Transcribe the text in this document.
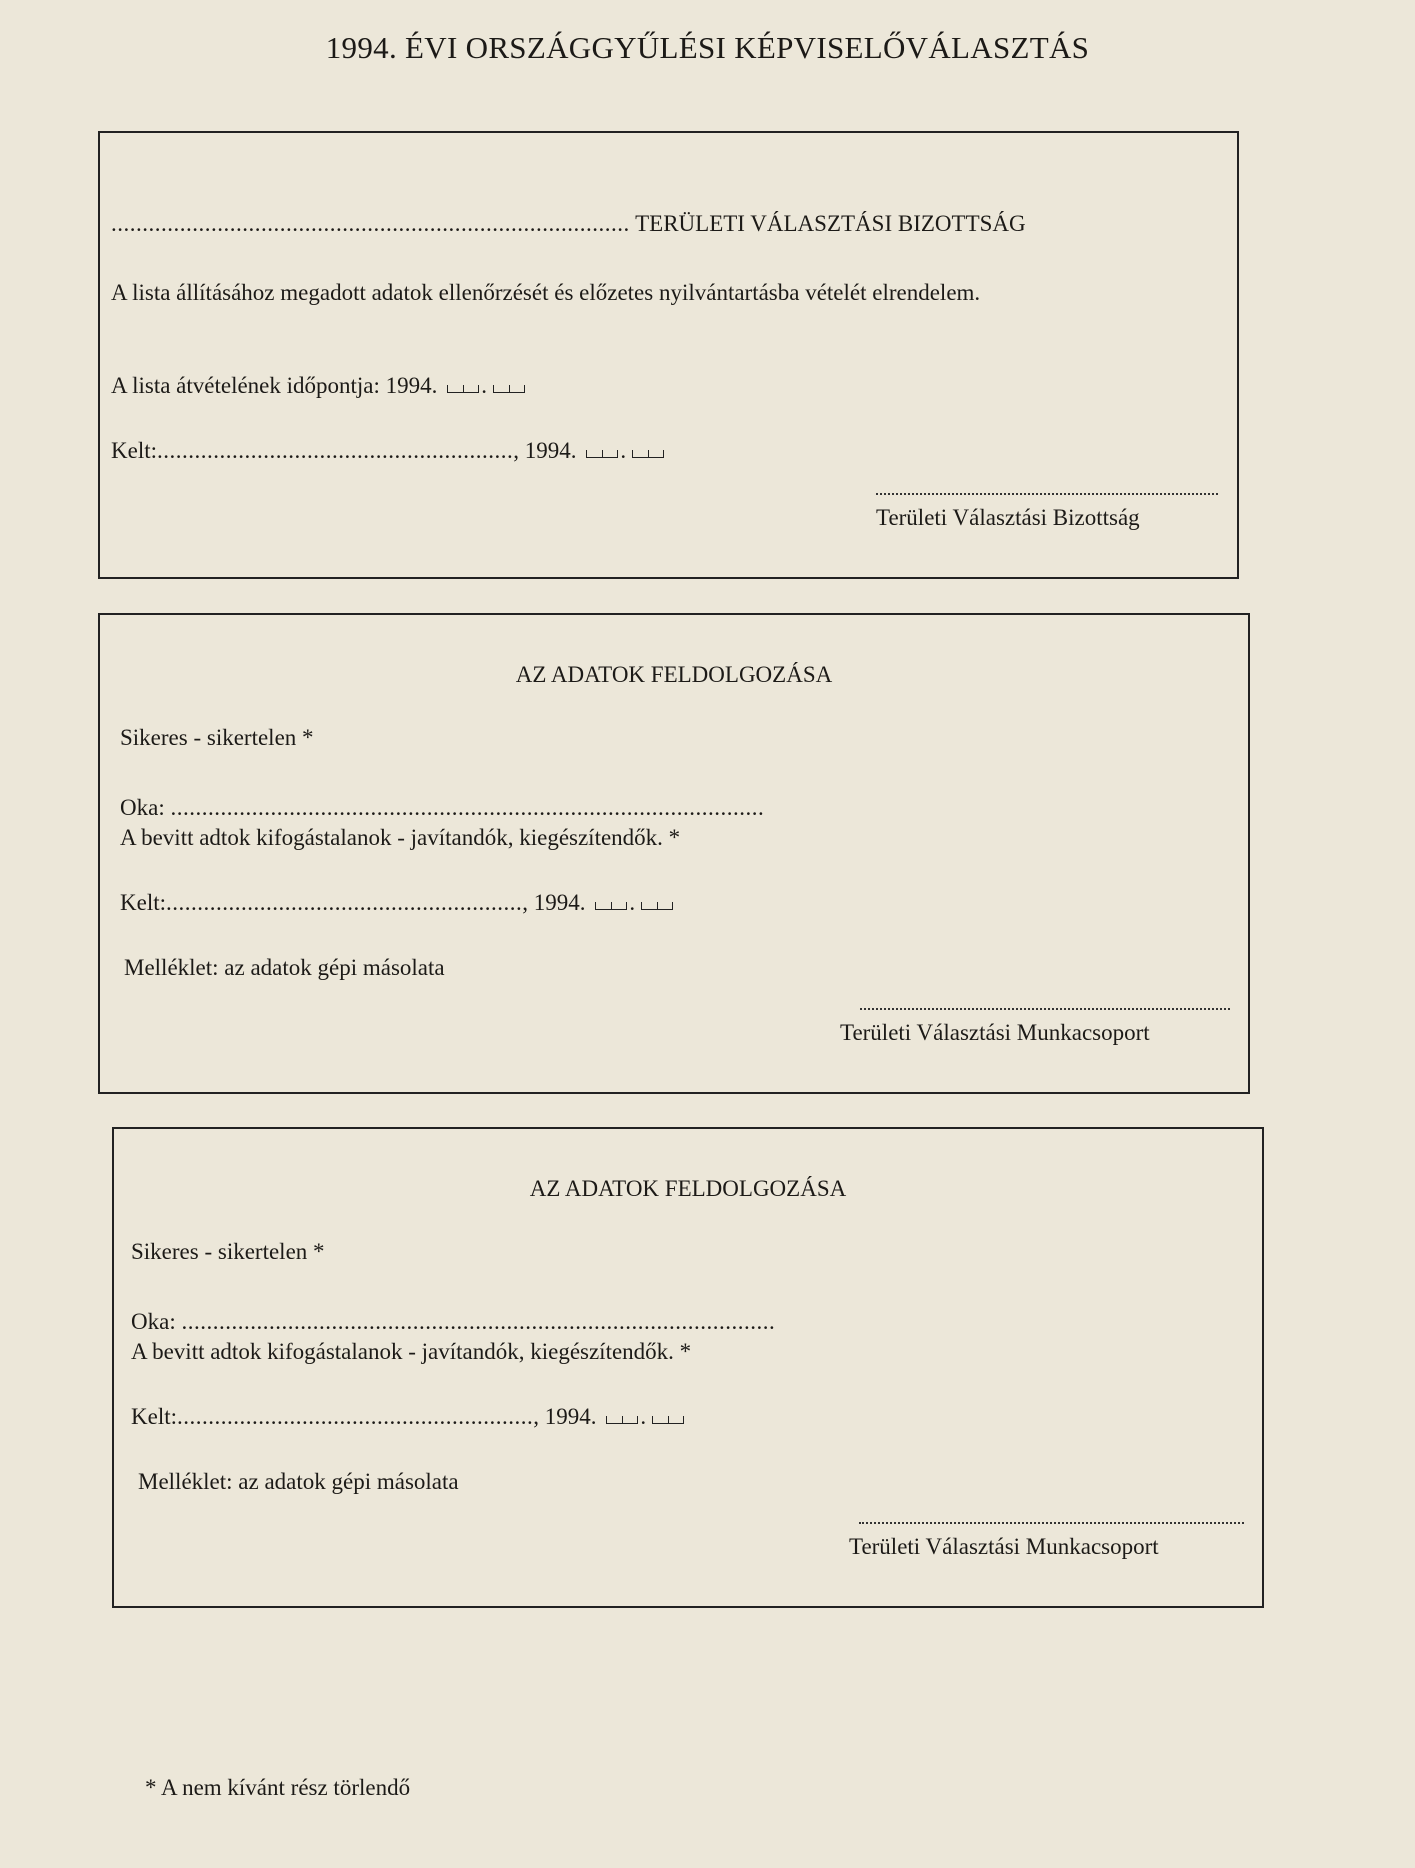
1994. ÉVI ORSZÁGGYŰLÉSI KÉPVISELŐVÁLASZTÁS
................................................................................... TERÜLETI VÁLASZTÁSI BIZOTTSÁG
A lista állításához megadott adatok ellenőrzését és előzetes nyilvántartásba vételét elrendelem.
A lista átvételének időpontja: 1994. .
Kelt:........................................................., 1994. .
Területi Választási Bizottság
AZ ADATOK FELDOLGOZÁSA
Sikeres - sikertelen *
Oka: ...............................................................................................
A bevitt adtok kifogástalanok - javítandók, kiegészítendők. *
Kelt:........................................................., 1994. .
Melléklet: az adatok gépi másolata
Területi Választási Munkacsoport
AZ ADATOK FELDOLGOZÁSA
Sikeres - sikertelen *
Oka: ...............................................................................................
A bevitt adtok kifogástalanok - javítandók, kiegészítendők. *
Kelt:........................................................., 1994. .
Melléklet: az adatok gépi másolata
Területi Választási Munkacsoport
* A nem kívánt rész törlendő
